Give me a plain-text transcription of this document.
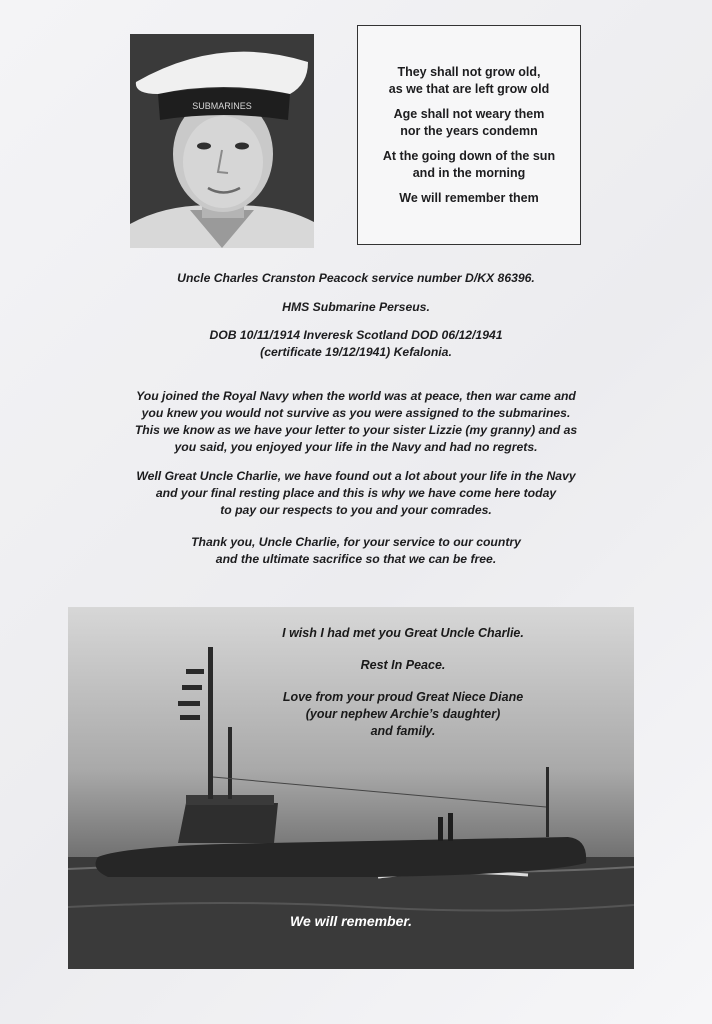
SUBMARINES

They shall not grow old,
as we that are left grow old

Age shall not weary them
nor the years condemn

At the going down of the sun
and in the morning

We will remember them

Uncle Charles Cranston Peacock service number D/KX 86396.

HMS Submarine Perseus.

DOB 10/11/1914 Inveresk Scotland DOD 06/12/1941

(certificate 19/12/1941) Kefalonia.

You joined the Royal Navy when the world was at peace, then war came and
you knew you would not survive as you were assigned to the submarines.
This we know as we have your letter to your sister Lizzie (my granny) and as
you said, you enjoyed your life in the Navy and had no regrets.
Well Great Uncle Charlie, we have found out a lot about your life in the Navy
and your final resting place and this is why we have come here today
to pay our respects to you and your comrades.
Thank you, Uncle Charlie, for your service to our country
and the ultimate sacrifice so that we can be free.

I wish I had met you Great Uncle Charlie.

Rest In Peace.

Love from your proud Great Niece Diane
(your nephew Archie’s daughter)
and family.

We will remember.
